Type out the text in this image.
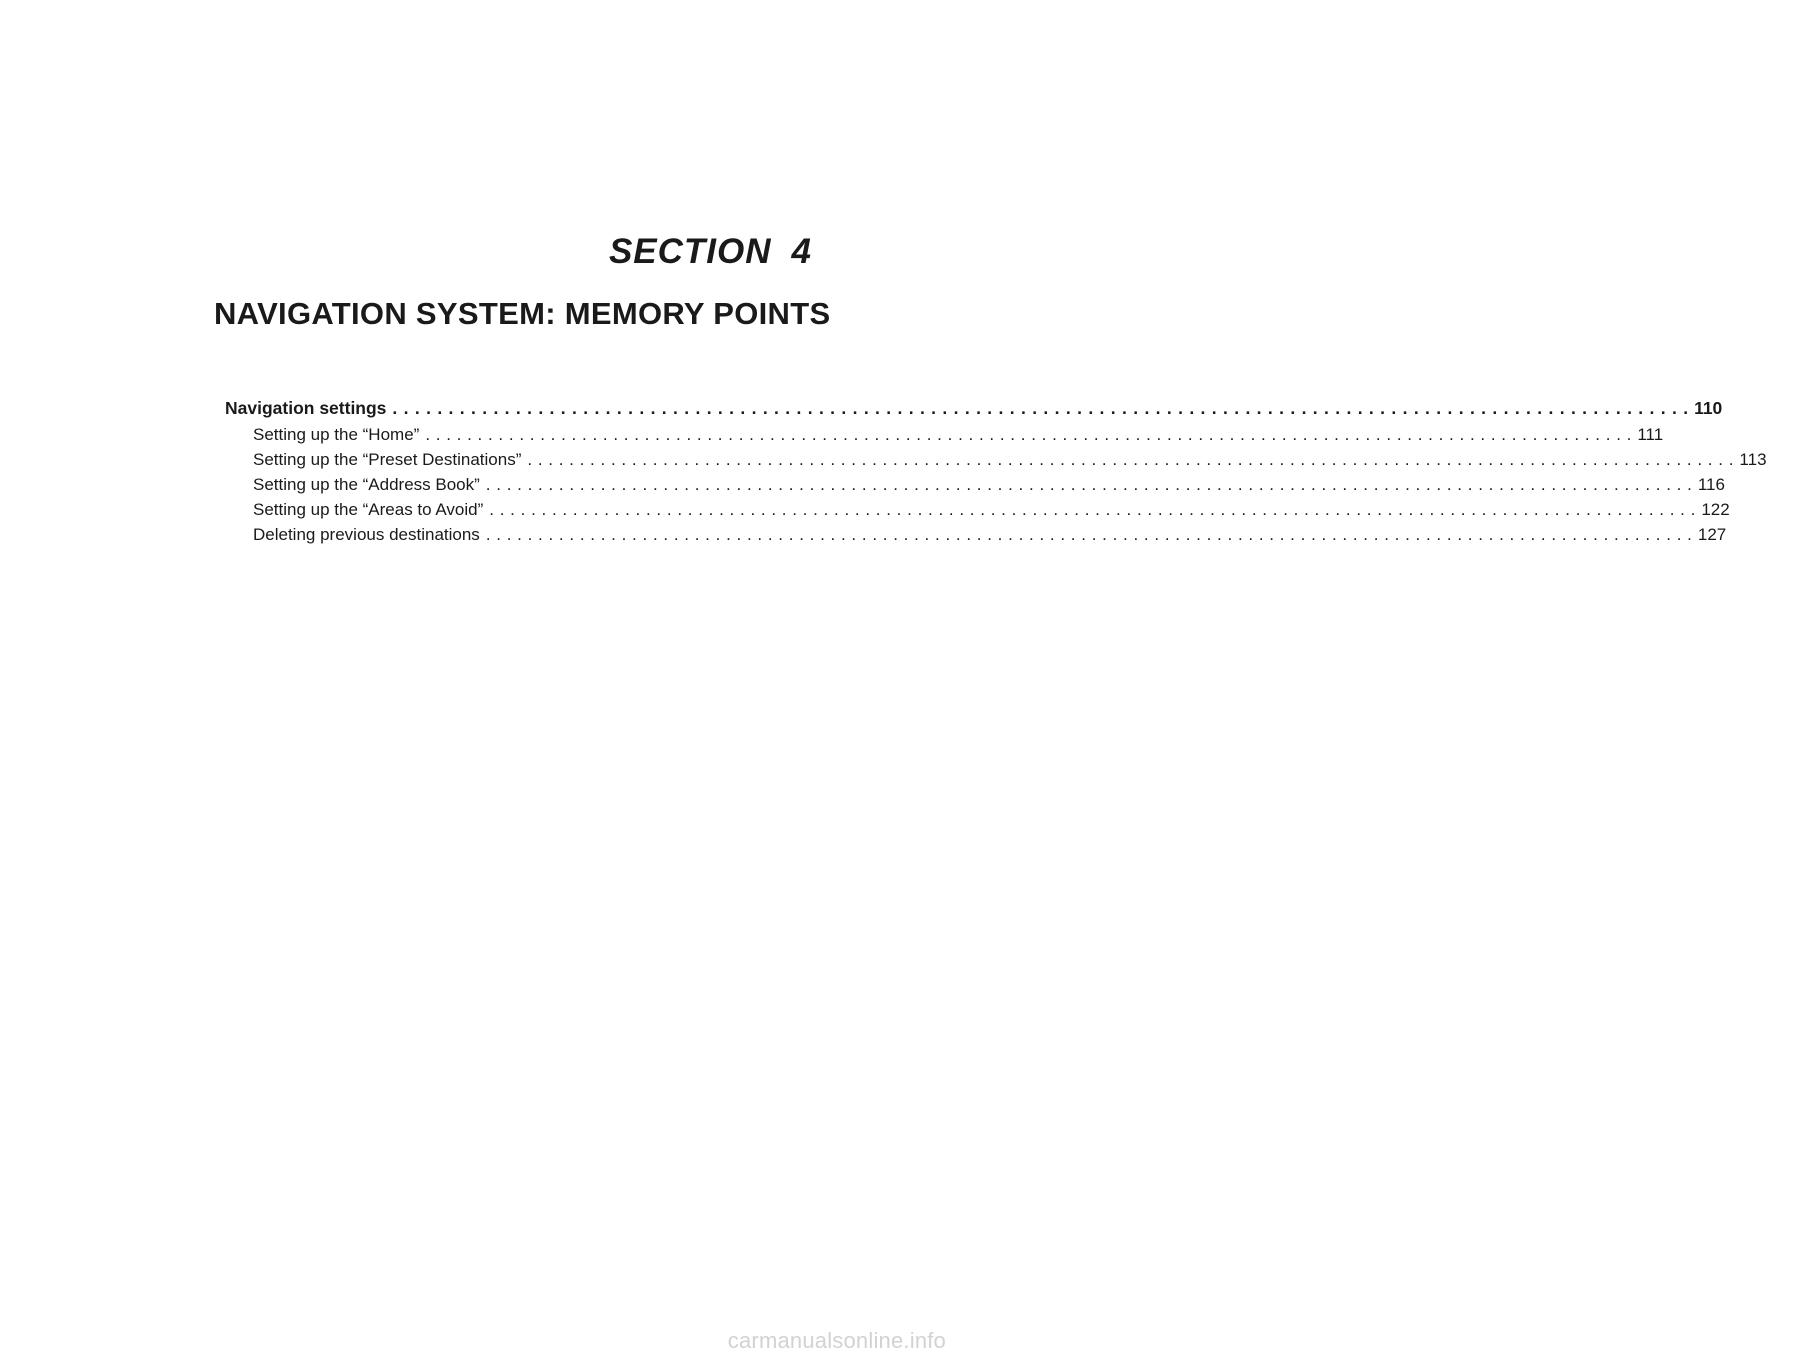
SECTION 4
NAVIGATION SYSTEM: MEMORY POINTS
Navigation settings . . .	110
Setting up the “Home” . . .	111
Setting up the “Preset Destinations” . . .	113
Setting up the “Address Book” . . .	116
Setting up the “Areas to Avoid” . . .	122
Deleting previous destinations . . .	127
carmanualsonline.info
